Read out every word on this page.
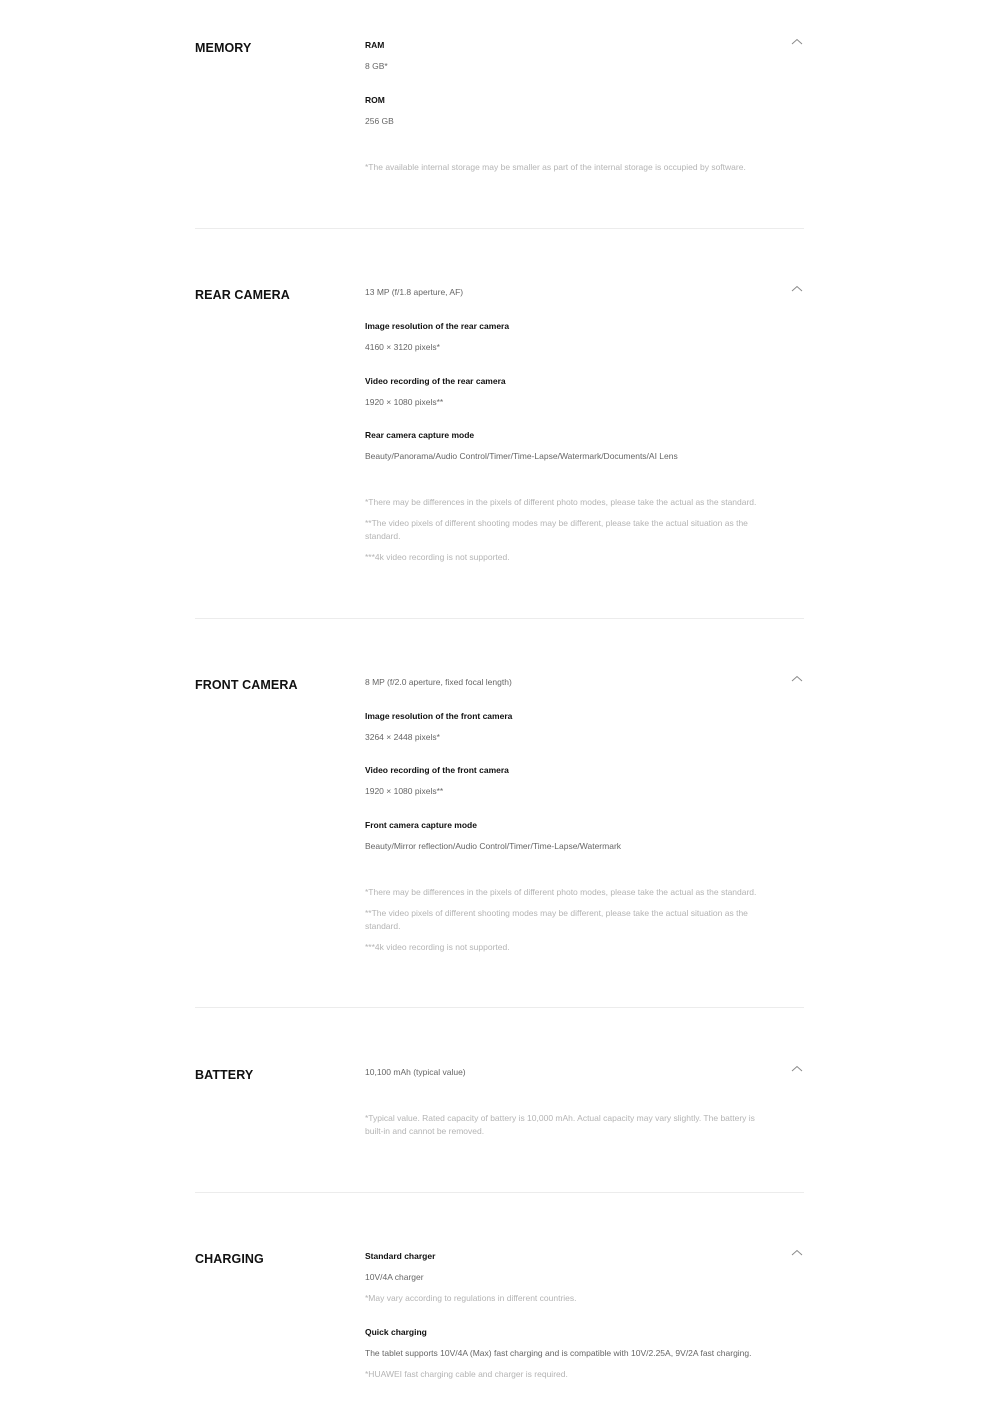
MEMORY	RAM
8 GB*
ROM
256 GB
*The available internal storage may be smaller as part of the internal storage is occupied by software.
REAR CAMERA	13 MP (f/1.8 aperture, AF)
Image resolution of the rear camera
4160 × 3120 pixels*
Video recording of the rear camera
1920 × 1080 pixels**
Rear camera capture mode
Beauty/Panorama/Audio Control/Timer/Time-Lapse/Watermark/Documents/AI Lens
*There may be differences in the pixels of different photo modes, please take the actual as the standard.
**The video pixels of different shooting modes may be different, please take the actual situation as the standard.
***4k video recording is not supported.
FRONT CAMERA	8 MP (f/2.0 aperture, fixed focal length)
Image resolution of the front camera
3264 × 2448 pixels*
Video recording of the front camera
1920 × 1080 pixels**
Front camera capture mode
Beauty/Mirror reflection/Audio Control/Timer/Time-Lapse/Watermark
*There may be differences in the pixels of different photo modes, please take the actual as the standard.
**The video pixels of different shooting modes may be different, please take the actual situation as the standard.
***4k video recording is not supported.
BATTERY	10,100 mAh (typical value)
*Typical value. Rated capacity of battery is 10,000 mAh. Actual capacity may vary slightly. The battery is built-in and cannot be removed.
CHARGING	Standard charger
10V/4A charger
*May vary according to regulations in different countries.
Quick charging
The tablet supports 10V/4A (Max) fast charging and is compatible with 10V/2.25A, 9V/2A fast charging.
*HUAWEI fast charging cable and charger is required.
